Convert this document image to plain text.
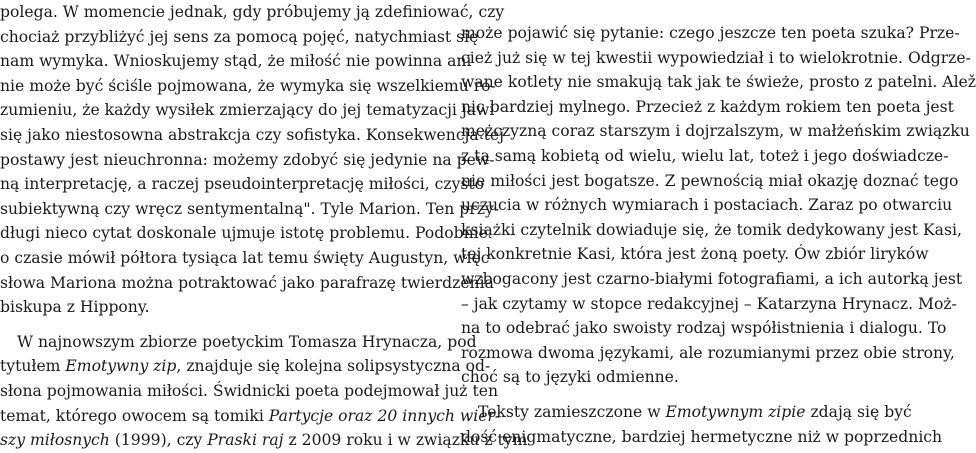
polega. W momencie jednak, gdy próbujemy ją zdefiniować, czy
chociaż przybliżyć jej sens za pomocą pojęć, natychmiast się
nam wymyka. Wnioskujemy stąd, że miłość nie powinna ani
nie może być ściśle pojmowana, że wymyka się wszelkiemu ro-
zumieniu, że każdy wysiłek zmierzający do jej tematyzacji jawi
się jako niestosowna abstrakcja czy sofistyka. Konsekwencja tej
postawy jest nieuchronna: możemy zdobyć się jedynie na pew-
ną interpretację, a raczej pseudointerpretację miłości, czysto
subiektywną czy wręcz sentymentalną". Tyle Marion. Ten przy-
długi nieco cytat doskonale ujmuje istotę problemu. Podobnie
o czasie mówił półtora tysiąca lat temu święty Augustyn, więc
słowa Mariona można potraktować jako parafrazę twierdzenia
biskupa z Hippony.
W najnowszym zbiorze poetyckim Tomasza Hrynacza, pod
tytułem Emotywny zip, znajduje się kolejna solipsystyczna od-
słona pojmowania miłości. Świdnicki poeta podejmował już ten
temat, którego owocem są tomiki Partycje oraz 20 innych wier-
szy miłosnych (1999), czy Praski raj z 2009 roku i w związku z tym
może pojawić się pytanie: czego jeszcze ten poeta szuka? Prze-
cież już się w tej kwestii wypowiedział i to wielokrotnie. Odgrze-
wane kotlety nie smakują tak jak te świeże, prosto z patelni. Alež
nic bardziej mylnego. Przecież z każdym rokiem ten poeta jest
mężczyzną coraz starszym i dojrzalszym, w małżeńskim związku
z tą samą kobietą od wielu, wielu lat, toteż i jego doświadcze-
nie miłości jest bogatsze. Z pewnością miał okazję doznać tego
uczucia w różnych wymiarach i postaciach. Zaraz po otwarciu
książki czytelnik dowiaduje się, że tomik dedykowany jest Kasi,
tej konkretnie Kasi, która jest żoną poety. Ów zbiór liryków
wzbogacony jest czarno-białymi fotografiami, a ich autorką jest
– jak czytamy w stopce redakcyjnej – Katarzyna Hrynacz. Moż-
na to odebrać jako swoisty rodzaj współistnienia i dialogu. To
rozmowa dwoma językami, ale rozumianymi przez obie strony,
choć są to języki odmienne.
Teksty zamieszczone w Emotywnym zipie zdają się być
dość enigmatyczne, bardziej hermetyczne niż w poprzednich
